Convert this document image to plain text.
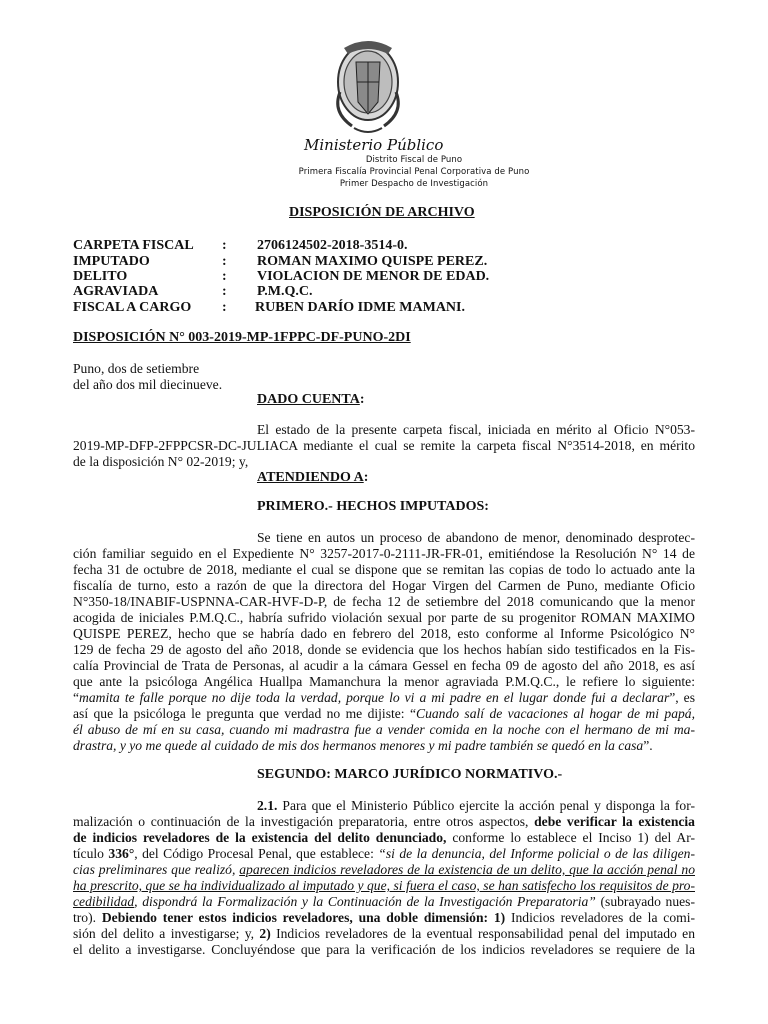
Ministerio Público
Distrito Fiscal de Puno
Primera Fiscalía Provincial Penal Corporativa de Puno
Primer Despacho de Investigación
DISPOSICIÓN DE ARCHIVO
CARPETA FISCAL : 2706124502-2018-3514-0.
IMPUTADO	: ROMAN MAXIMO QUISPE PEREZ.
DELITO	: VIOLACION DE MENOR DE EDAD.
AGRAVIADA	: P.M.Q.C.
FISCAL A CARGO : RUBEN DARÍO IDME MAMANI.
DISPOSICIÓN N° 003-2019-MP-1FPPC-DF-PUNO-2DI
Puno, dos de setiembre
del año dos mil diecinueve.
DADO CUENTA:
El estado de la presente carpeta fiscal, iniciada en mérito al Oficio N°053-
2019-MP-DFP-2FPPCSR-DC-JULIACA mediante el cual se remite la carpeta fiscal N°3514-2018, en mérito
de la disposición N° 02-2019; y,
ATENDIENDO A:
PRIMERO.- HECHOS IMPUTADOS:
Se tiene en autos un proceso de abandono de menor, denominado desprotec-
ción familiar seguido en el Expediente N° 3257-2017-0-2111-JR-FR-01, emitiéndose la Resolución N° 14 de
fecha 31 de octubre de 2018, mediante el cual se dispone que se remitan las copias de todo lo actuado ante la
fiscalía de turno, esto a razón de que la directora del Hogar Virgen del Carmen de Puno, mediante Oficio
N°350-18/INABIF-USPNNA-CAR-HVF-D-P, de fecha 12 de setiembre del 2018 comunicando que la menor
acogida de iniciales P.M.Q.C., habría sufrido violación sexual por parte de su progenitor ROMAN MAXIMO
QUISPE PEREZ, hecho que se habría dado en febrero del 2018, esto conforme al Informe Psicológico N°
129 de fecha 29 de agosto del año 2018, donde se evidencia que los hechos habían sido testificados en la Fis-
calía Provincial de Trata de Personas, al acudir a la cámara Gessel en fecha 09 de agosto del año 2018, es así
que ante la psicóloga Angélica Huallpa Mamanchura la menor agraviada P.M.Q.C., le refiere lo siguiente:
“mamita te falle porque no dije toda la verdad, porque lo vi a mi padre en el lugar donde fui a declarar”, es
así que la psicóloga le pregunta que verdad no me dijiste: “Cuando salí de vacaciones al hogar de mi papá,
él abuso de mí en su casa, cuando mi madrastra fue a vender comida en la noche con el hermano de mi ma-
drastra, y yo me quede al cuidado de mis dos hermanos menores y mi padre también se quedó en la casa”.
SEGUNDO: MARCO JURÍDICO NORMATIVO.-
2.1. Para que el Ministerio Público ejercite la acción penal y disponga la for-
malización o continuación de la investigación preparatoria, entre otros aspectos, debe verificar la existencia
de indicios reveladores de la existencia del delito denunciado, conforme lo establece el Inciso 1) del Ar-
tículo 336°, del Código Procesal Penal, que establece: “si de la denuncia, del Informe policial o de las diligen-
cias preliminares que realizó, aparecen indicios reveladores de la existencia de un delito, que la acción penal no
ha prescrito, que se ha individualizado al imputado y que, si fuera el caso, se han satisfecho los requisitos de pro-
cedibilidad, dispondrá la Formalización y la Continuación de la Investigación Preparatoria” (subrayado nues-
tro). Debiendo tener estos indicios reveladores, una doble dimensión: 1) Indicios reveladores de la comi-
sión del delito a investigarse; y, 2) Indicios reveladores de la eventual responsabilidad penal del imputado en
el delito a investigarse. Concluyéndose que para la verificación de los indicios reveladores se requiere de la
